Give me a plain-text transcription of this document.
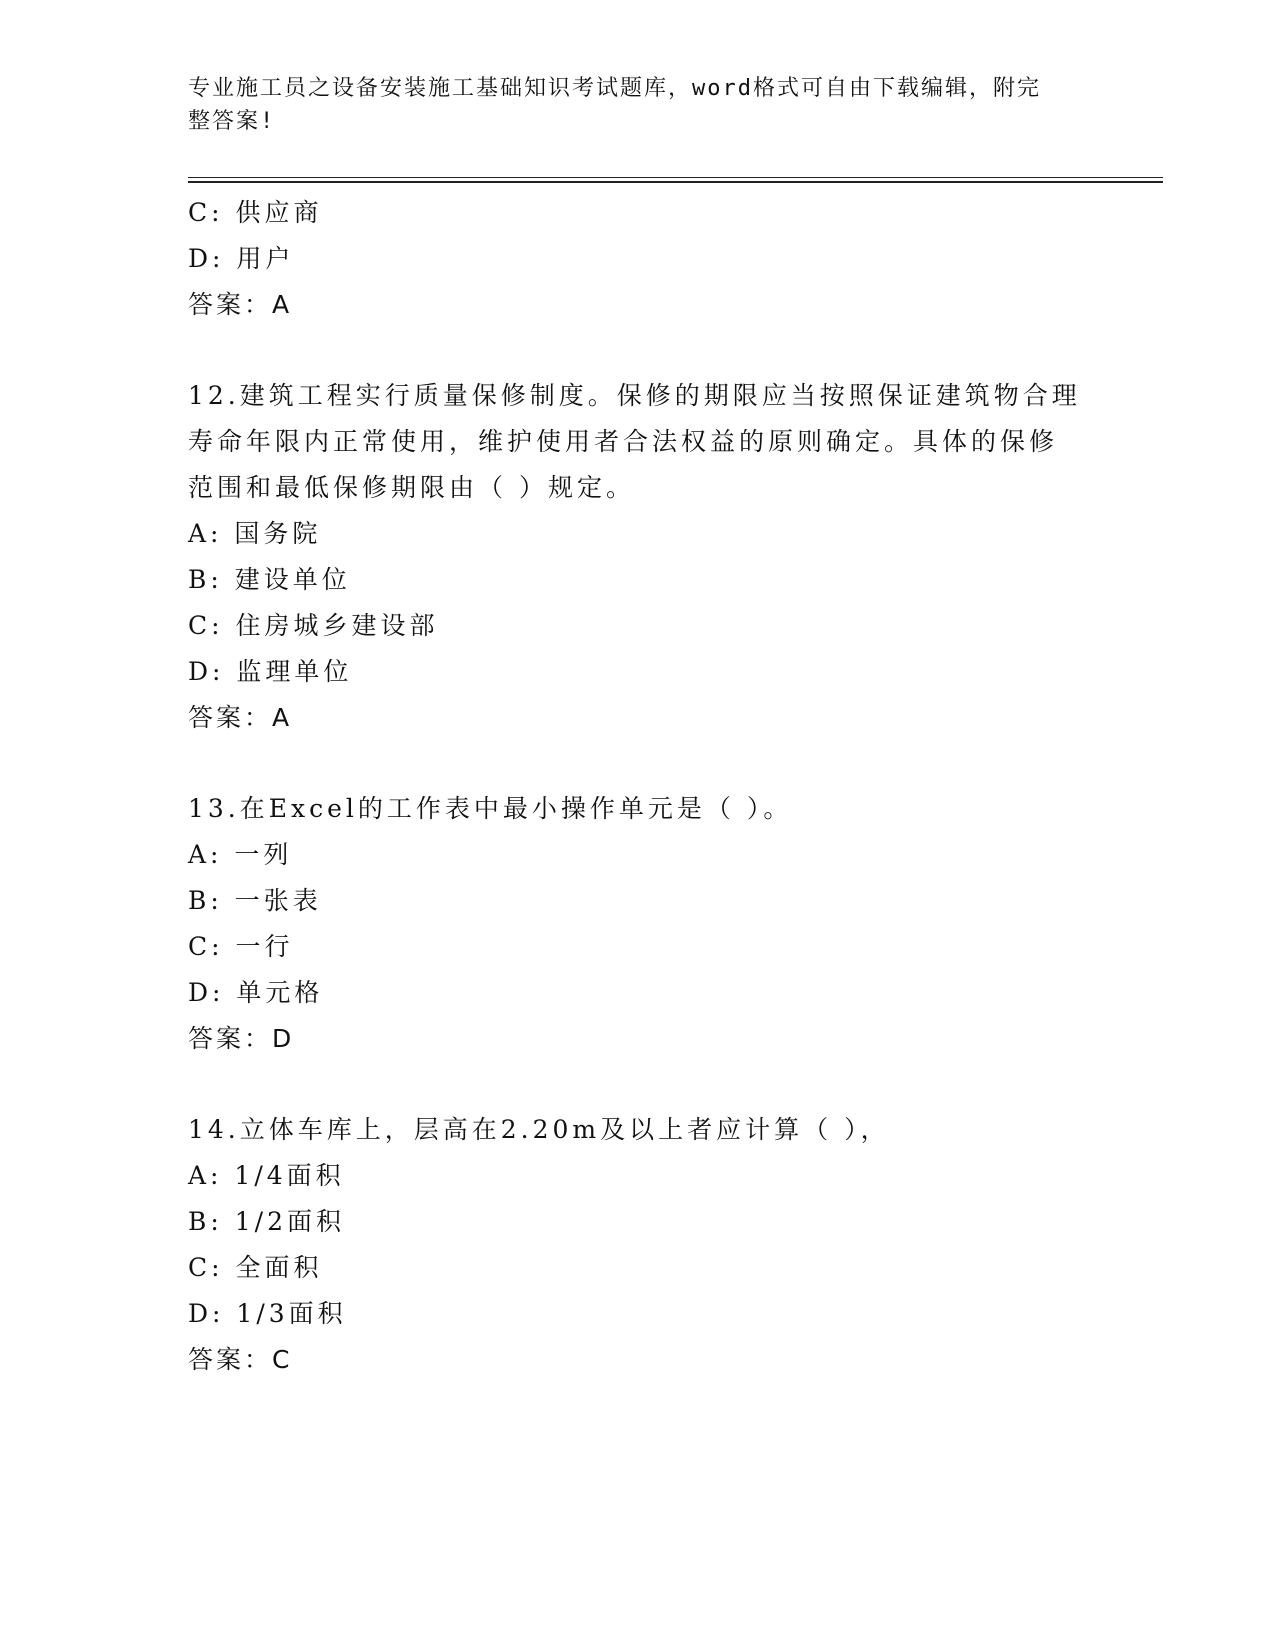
专业施工员之设备安装施工基础知识考试题库，word格式可自由下载编辑，附完
整答案!
C: 供应商
D: 用户
答案：A
12.建筑工程实行质量保修制度。保修的期限应当按照保证建筑物合理
寿命年限内正常使用，维护使用者合法权益的原则确定。具体的保修
范围和最低保修期限由（ ）规定。
A: 国务院
B: 建设单位
C: 住房城乡建设部
D: 监理单位
答案：A
13.在Excel的工作表中最小操作单元是（ ）。
A: 一列
B: 一张表
C: 一行
D: 单元格
答案：D
14.立体车库上，层高在2.20m及以上者应计算（ ），
A: 1/4面积
B: 1/2面积
C: 全面积
D: 1/3面积
答案：C
